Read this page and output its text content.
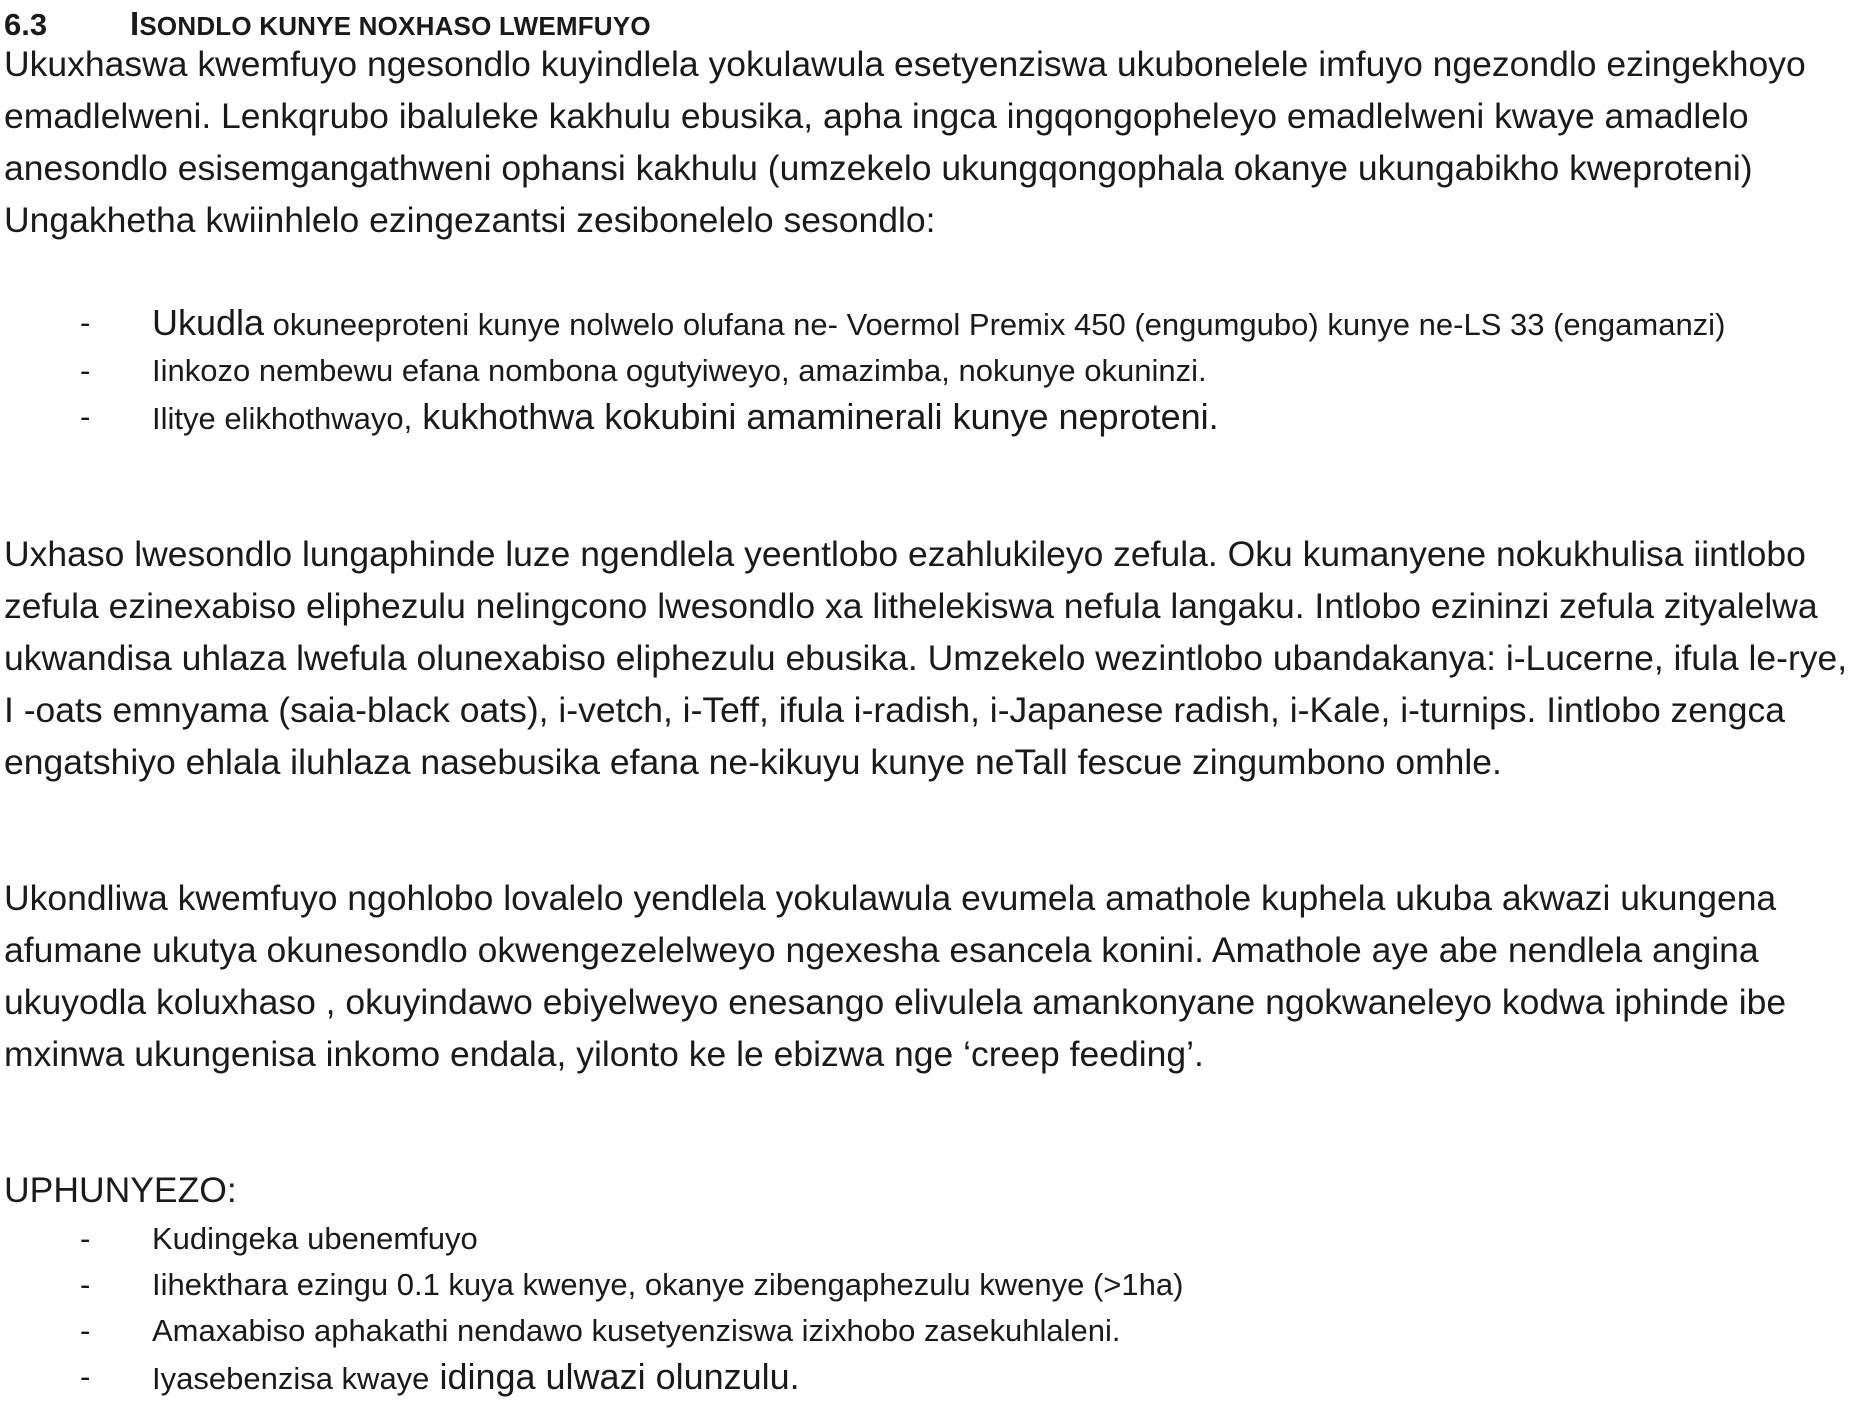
6.3	ISONDLO KUNYE NOXHASO LWEMFUYO

Ukuxhaswa kwemfuyo ngesondlo kuyindlela yokulawula esetyenziswa ukubonelele imfuyo ngezondlo ezingekhoyo emadlelweni. Lenkqrubo ibaluleke kakhulu ebusika, apha ingca ingqongopheleyo emadlelweni kwaye amadlelo anesondlo esisemgangathweni ophansi kakhulu (umzekelo ukungqongophala okanye ukungabikho kweproteni) Ungakhetha kwiinhlelo ezingezantsi zesibonelelo sesondlo:

- Ukudla okuneeproteni kunye nolwelo olufana ne- Voermol Premix 450 (engumgubo) kunye ne-LS 33 (engamanzi)
- Iinkozo nembewu efana nombona ogutyiweyo, amazimba, nokunye okuninzi.
- Ilitye elikhothwayo, kukhothwa kokubini amaminerali kunye neproteni.

Uxhaso lwesondlo lungaphinde luze ngendlela yeentlobo ezahlukileyo zefula. Oku kumanyene nokukhulisa iintlobo zefula ezinexabiso eliphezulu nelingcono lwesondlo xa lithelekiswa nefula langaku. Intlobo ezininzi zefula zityalelwa ukwandisa uhlaza lwefula olunexabiso eliphezulu ebusika. Umzekelo wezintlobo ubandakanya: i-Lucerne, ifula le-rye, I -oats emnyama (saia-black oats), i-vetch, i-Teff, ifula i-radish, i-Japanese radish, i-Kale, i-turnips. Iintlobo zengca engatshiyo ehlala iluhlaza nasebusika efana ne-kikuyu kunye neTall fescue zingumbono omhle.

Ukondliwa kwemfuyo ngohlobo lovalelo yendlela yokulawula evumela amathole kuphela ukuba akwazi ukungena afumane ukutya okunesondlo okwengezelelweyo ngexesha esancela konini. Amathole aye abe nendlela angina ukuyodla koluxhaso , okuyindawo ebiyelweyo enesango elivulela amankonyane ngokwaneleyo kodwa iphinde ibe mxinwa ukungenisa inkomo endala, yilonto ke le ebizwa nge ‘creep feeding’.

UPHUNYEZO:

- Kudingeka ubenemfuyo
- Iihekthara ezingu 0.1 kuya kwenye, okanye zibengaphezulu kwenye (>1ha)
- Amaxabiso aphakathi nendawo kusetyenziswa izixhobo zasekuhlaleni.
- Iyasebenzisa kwaye idinga ulwazi olunzulu.
